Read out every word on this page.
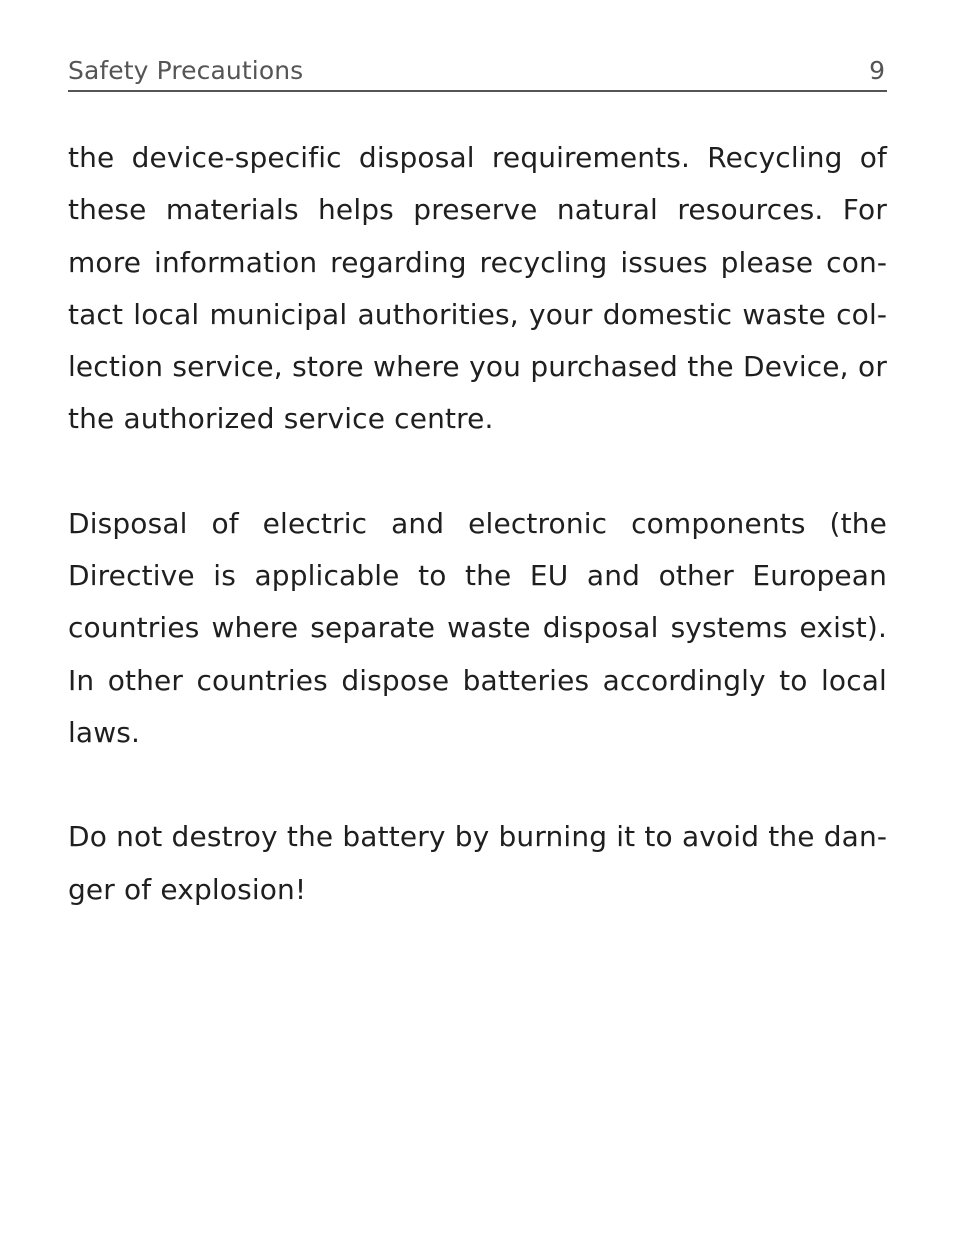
Safety Precautions	9

the device-specific disposal requirements. Recycling of these materials helps preserve natural resources. For more information regarding recycling issues please contact local municipal authorities, your domestic waste collection service, store where you purchased the Device, or the authorized service centre.

Disposal of electric and electronic components (the Directive is applicable to the EU and other European countries where separate waste disposal systems exist). In other countries dispose batteries accordingly to local laws.

Do not destroy the battery by burning it to avoid the danger of explosion!
